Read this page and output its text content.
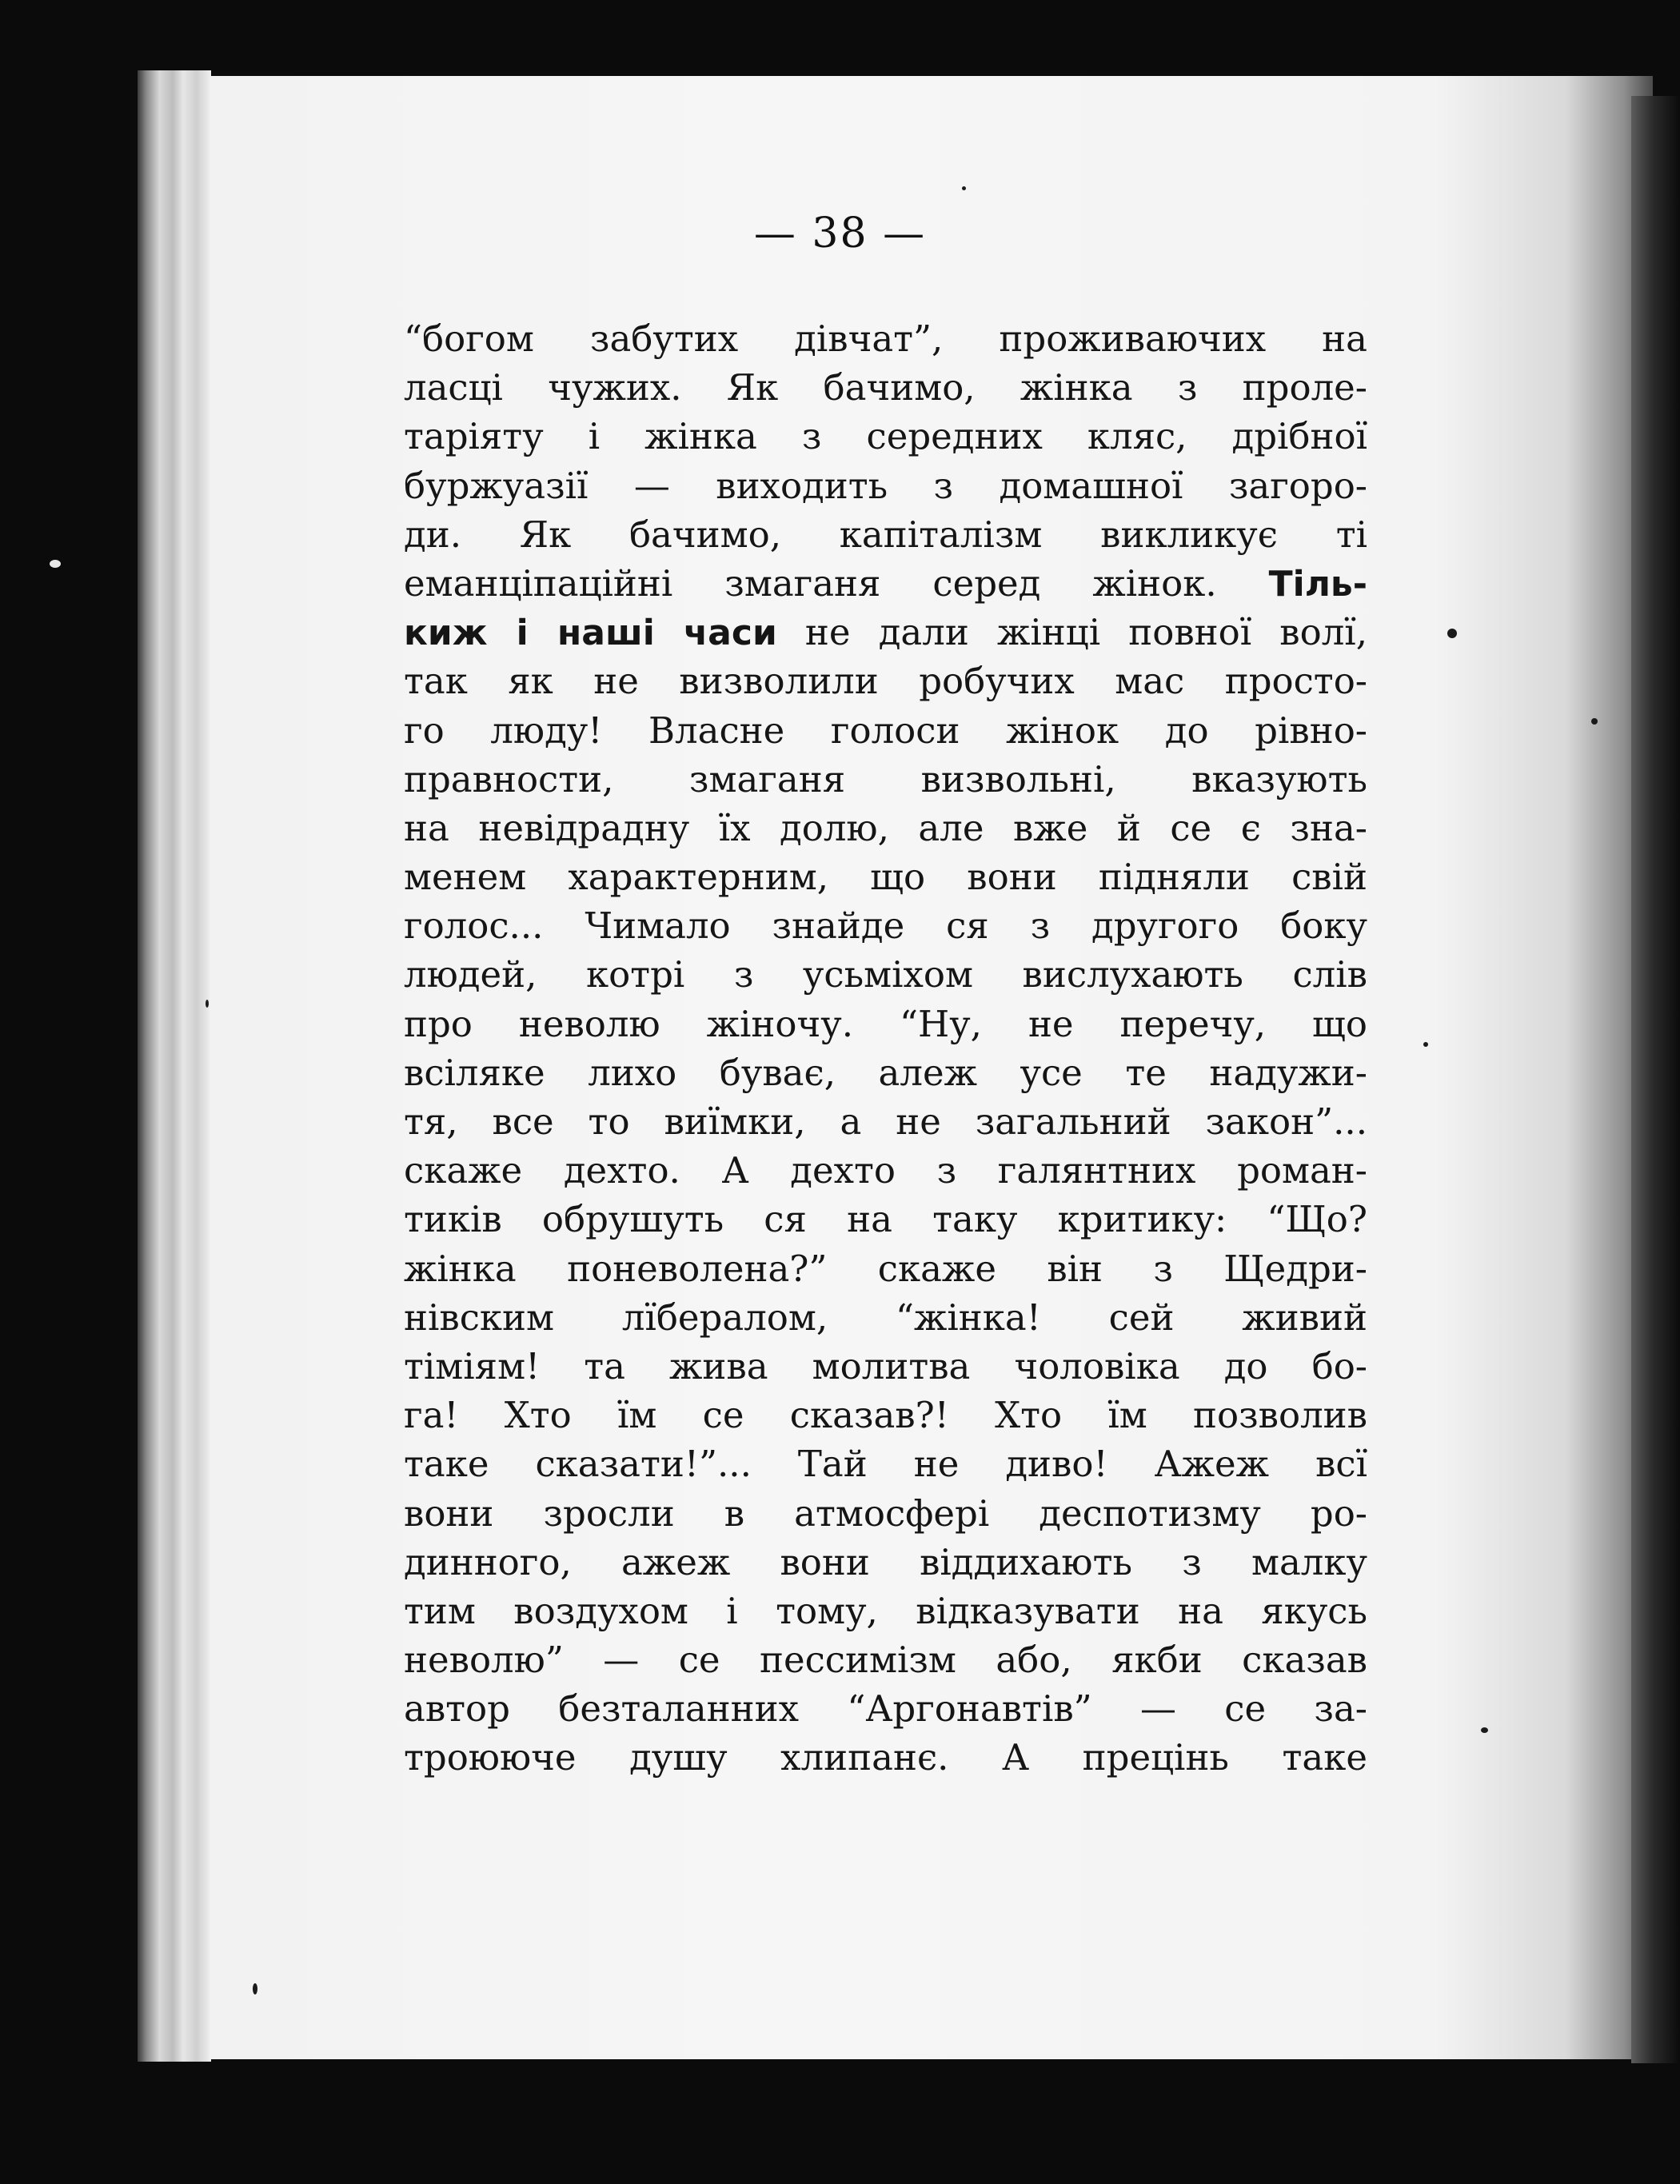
— 38 —
“богом забутих дівчат”, проживаючих на
ласці чужих. Як бачимо, жінка з проле-
таріяту і жінка з середних кляс, дрібної
буржуазії — виходить з домашної загоро-
ди. Як бачимо, капіталізм викликує ті
еманціпаційні змаганя серед жінок. Тіль-
киж і наші часи не дали жінці повної волї,
так як не визволили робучих мас просто-
го люду! Власне голоси жінок до рівно-
правности, змаганя визвольні, вказують
на невідрадну їх долю, але вже й се є зна-
менем характерним, що вони підняли свій
голос... Чимало знайде ся з другого боку
людей, котрі з усьміхом вислухають слів
про неволю жіночу. “Ну, не перечу, що
всіляке лихо буває, алеж усе те надужи-
тя, все то виїмки, а не загальний закон”...
скаже дехто. А дехто з галянтних роман-
тиків обрушуть ся на таку критику: “Що?
жінка поневолена?” скаже він з Щедри-
нівским лїбералом, “жінка! сей живий
тіміям! та жива молитва чоловіка до бо-
га! Хто їм се сказав?! Хто їм позволив
таке сказати!”... Тай не диво! Ажеж всї
вони зросли в атмосфері деспотизму ро-
динного, ажеж вони віддихають з малку
тим воздухом і тому, відказувати на якусь
неволю” — се пессимізм або, якби сказав
автор безталанних “Аргонавтів” — се за-
троююче душу хлипанє. А прецінь таке
